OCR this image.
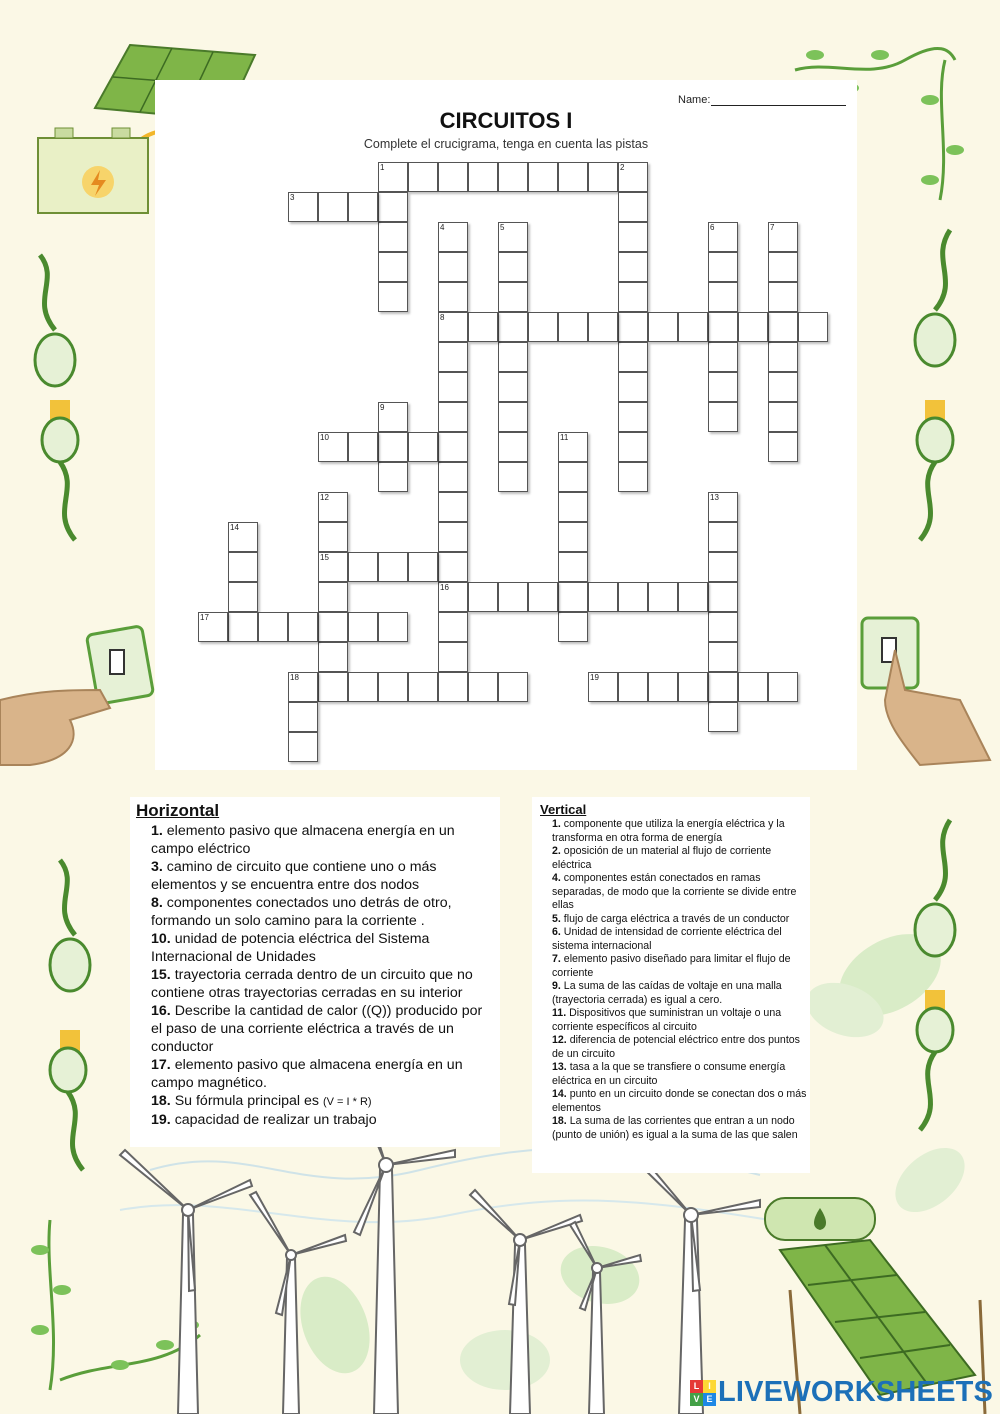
Name:
CIRCUITOS I
Complete el crucigrama, tenga en cuenta las pistas
1	2
3
4	5	6	7
8
9
10	11
12	13
14
15
16
17
18	19
Horizontal
1. elemento pasivo que almacena energía en un campo eléctrico
3. camino de circuito que contiene uno o más elementos y se encuentra entre dos nodos
8. componentes conectados uno detrás de otro, formando un solo camino para la corriente .
10. unidad de potencia eléctrica del Sistema Internacional de Unidades
15. trayectoria cerrada dentro de un circuito que no contiene otras trayectorias cerradas en su interior
16. Describe la cantidad de calor ((Q)) producido por el paso de una corriente eléctrica a través de un conductor
17. elemento pasivo que almacena energía en un campo magnético.
18. Su fórmula principal es (V = I * R)
19. capacidad de realizar un trabajo
Vertical
1. componente que utiliza la energía eléctrica y la transforma en otra forma de energía
2. oposición de un material al flujo de corriente eléctrica
4. componentes están conectados en ramas separadas, de modo que la corriente se divide entre ellas
5. flujo de carga eléctrica a través de un conductor
6. Unidad de intensidad de corriente eléctrica del sistema internacional
7. elemento pasivo diseñado para limitar el flujo de corriente
9. La suma de las caídas de voltaje en una malla (trayectoria cerrada) es igual a cero.
11. Dispositivos que suministran un voltaje o una corriente específicos al circuito
12. diferencia de potencial eléctrico entre dos puntos de un circuito
13. tasa a la que se transfiere o consume energía eléctrica en un circuito
14. punto en un circuito donde se conectan dos o más elementos
18. La suma de las corrientes que entran a un nodo (punto de unión) es igual a la suma de las que salen
L I
V E LIVEWORKSHEETS
